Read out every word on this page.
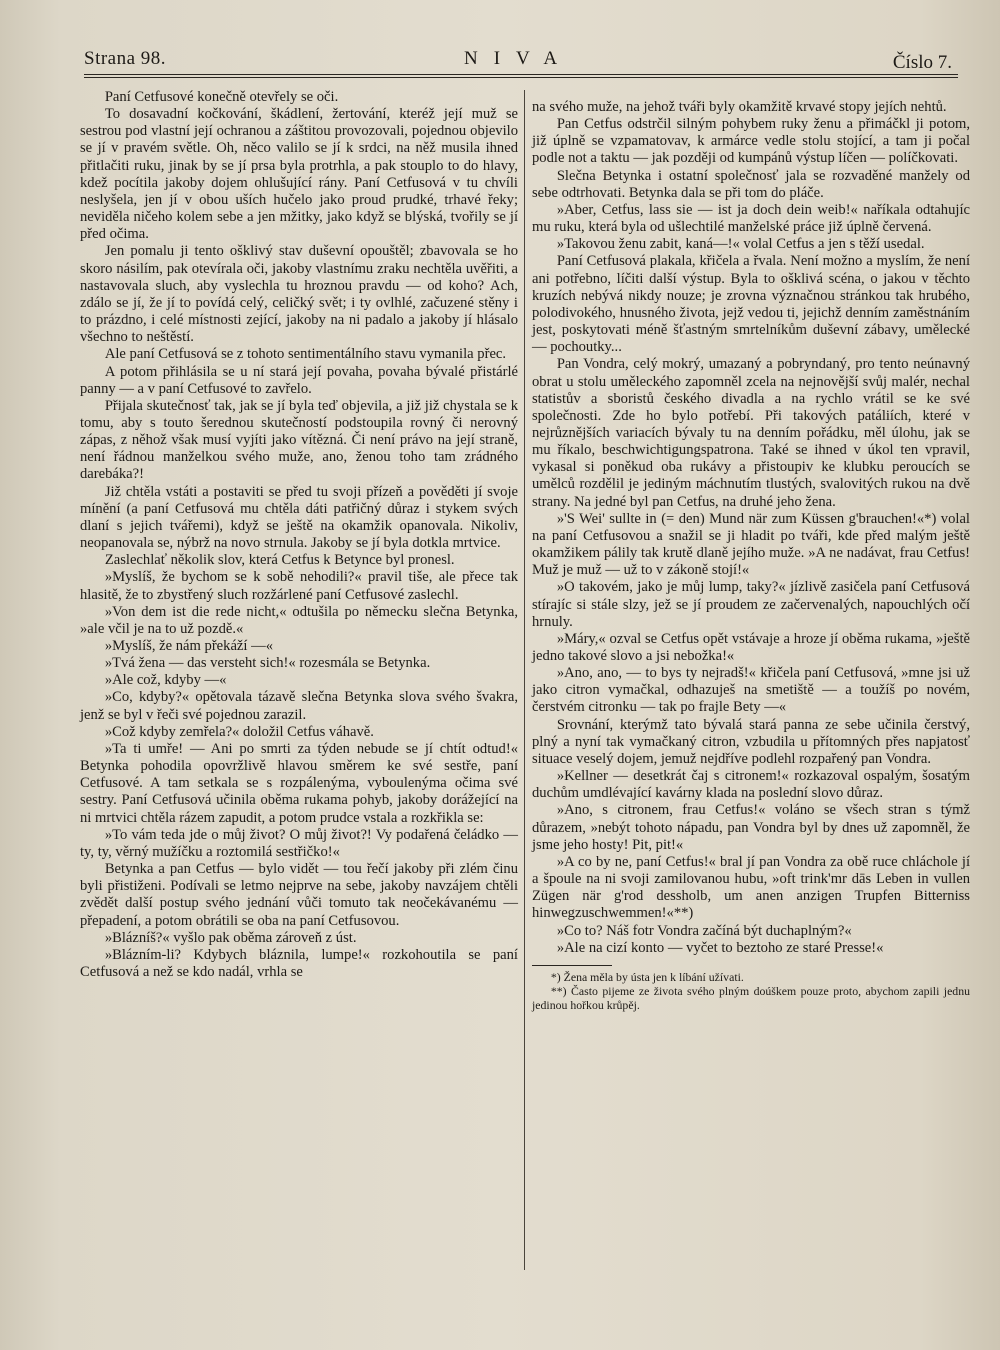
Strana 98.	NIVA	Číslo 7.

Paní Cetfusové konečně otevřely se oči.

To dosavadní kočkování, škádlení, žertování, kteréž její muž se sestrou pod vlastní její ochranou a záštitou provozovali, pojednou objevilo se jí v pravém světle. Oh, něco valilo se jí k srdci, na něž musila ihned přitlačiti ruku, jinak by se jí prsa byla protrhla, a pak stouplo to do hlavy, kdež pocítila jakoby dojem ohlušující rány. Paní Cetfusová v tu chvíli neslyšela, jen jí v obou uších hučelo jako proud prudké, trhavé řeky; neviděla ničeho kolem sebe a jen mžitky, jako když se blýská, tvořily se jí před očima.

Jen pomalu ji tento ošklivý stav duševní opouštěl; zbavovala se ho skoro násilím, pak otevírala oči, jakoby vlastnímu zraku nechtěla uvěřiti, a nastavovala sluch, aby vyslechla tu hroznou pravdu — od koho? Ach, zdálo se jí, že jí to povídá celý, celičký svět; i ty ovlhlé, začuzené stěny i to prázdno, i celé místnosti zející, jakoby na ni padalo a jakoby jí hlásalo všechno to neštěstí.

Ale paní Cetfusová se z tohoto sentimentálního stavu vymanila přec.

A potom přihlásila se u ní stará její povaha, povaha bývalé přistárlé panny — a v paní Cetfusové to zavřelo.

Přijala skutečnosť tak, jak se jí byla teď objevila, a již již chystala se k tomu, aby s touto šerednou skutečností podstoupila rovný či nerovný zápas, z něhož však musí vyjíti jako vítězná. Či není právo na její straně, není řádnou manželkou svého muže, ano, ženou toho tam zrádného darebáka?!

Již chtěla vstáti a postaviti se před tu svoji přízeň a pověděti jí svoje mínění (a paní Cetfusová mu chtěla dáti patřičný důraz i stykem svých dlaní s jejich tvářemi), když se ještě na okamžik opanovala. Nikoliv, neopanovala se, nýbrž na novo strnula. Jakoby se jí byla dotkla mrtvice.

Zaslechlať několik slov, která Cetfus k Betynce byl pronesl.

»Myslíš, že bychom se k sobě nehodili?« pravil tiše, ale přece tak hlasitě, že to zbystřený sluch rozžárlené paní Cetfusové zaslechl.

»Von dem ist die rede nicht,« odtušila po německu slečna Betynka, »ale včil je na to už pozdě.«

»Myslíš, že nám překáží —«

»Tvá žena — das versteht sich!« rozesmála se Betynka.

»Ale což, kdyby —«

»Co, kdyby?« opětovala tázavě slečna Betynka slova svého švakra, jenž se byl v řeči své pojednou zarazil.

»Což kdyby zemřela?« doložil Cetfus váhavě.

»Ta ti umře! — Ani po smrti za týden nebude se jí chtít odtud!« Betynka pohodila opovržlivě hlavou směrem ke své sestře, paní Cetfusové. A tam setkala se s rozpálenýma, vyboulenýma očima své sestry. Paní Cetfusová učinila oběma rukama pohyb, jakoby dorážející na ni mrtvici chtěla rázem zapudit, a potom prudce vstala a rozkřikla se:

»To vám teda jde o můj život? O můj život?! Vy podařená čeládko — ty, ty, věrný mužíčku a roztomilá sestřičko!«

Betynka a pan Cetfus — bylo vidět — tou řečí jakoby při zlém činu byli přistiženi. Podívali se letmo nejprve na sebe, jakoby navzájem chtěli zvědět další postup svého jednání vůči tomuto tak neočekávanému — přepadení, a potom obrátili se oba na paní Cetfusovou.

»Blázníš?« vyšlo pak oběma zároveň z úst.

»Blázním-li? Kdybych bláznila, lumpe!« rozkohoutila se paní Cetfusová a než se kdo nadál, vrhla se

na svého muže, na jehož tváři byly okamžitě krvavé stopy jejích nehtů.

Pan Cetfus odstrčil silným pohybem ruky ženu a přimáčkl ji potom, již úplně se vzpamatovav, k armárce vedle stolu stojící, a tam ji počal podle not a taktu — jak později od kumpánů výstup líčen — políčkovati.

Slečna Betynka i ostatní společnosť jala se rozvaděné manžely od sebe odtrhovati. Betynka dala se při tom do pláče.

»Aber, Cetfus, lass sie — ist ja doch dein weib!« naříkala odtahujíc mu ruku, která byla od ušlechtilé manželské práce již úplně červená.

»Takovou ženu zabit, kaná—!« volal Cetfus a jen s těží usedal.

Paní Cetfusová plakala, křičela a řvala. Není možno a myslím, že není ani potřebno, líčiti další výstup. Byla to ošklivá scéna, o jakou v těchto kruzích nebývá nikdy nouze; je zrovna význačnou stránkou tak hrubého, polodivokého, hnusného života, jejž vedou ti, jejichž denním zaměstnáním jest, poskytovati méně šťastným smrtelníkům duševní zábavy, umělecké — pochoutky...

Pan Vondra, celý mokrý, umazaný a pobryndaný, pro tento neúnavný obrat u stolu uměleckého zapomněl zcela na nejnovější svůj malér, nechal statistův a sboristů českého divadla a na rychlo vrátil se ke své společnosti. Zde ho bylo potřebí. Při takových patáliích, které v nejrůznějších variacích bývaly tu na denním pořádku, měl úlohu, jak se mu říkalo, beschwichtigungspatrona. Také se ihned v úkol ten vpravil, vykasal si poněkud oba rukávy a přistoupiv ke klubku peroucích se umělců rozdělil je jediným máchnutím tlustých, svalovitých rukou na dvě strany. Na jedné byl pan Cetfus, na druhé jeho žena.

»'S Wei' sullte in (= den) Mund när zum Küssen g'brauchen!«*) volal na paní Cetfusovou a snažil se ji hladit po tváři, kde před malým ještě okamžikem pálily tak krutě dlaně jejího muže. »A ne nadávat, frau Cetfus! Muž je muž — už to v zákoně stojí!«

»O takovém, jako je můj lump, taky?« jízlivě zasičela paní Cetfusová stírajíc si stále slzy, jež se jí proudem ze začervenalých, napouchlých očí hrnuly.

»Máry,« ozval se Cetfus opět vstávaje a hroze jí oběma rukama, »ještě jedno takové slovo a jsi nebožka!«

»Ano, ano, — to bys ty nejradš!« křičela paní Cetfusová, »mne jsi už jako citron vymačkal, odhazuješ na smetiště — a toužíš po novém, čerstvém citronku — tak po frajle Bety —«

Srovnání, kterýmž tato bývalá stará panna ze sebe učinila čerstvý, plný a nyní tak vymačkaný citron, vzbudila u přítomných přes napjatosť situace veselý dojem, jemuž nejdříve podlehl rozpařený pan Vondra.

»Kellner — desetkrát čaj s citronem!« rozkazoval ospalým, šosatým duchům umdlévající kavárny klada na poslední slovo důraz.

»Ano, s citronem, frau Cetfus!« voláno se všech stran s týmž důrazem, »nebýt tohoto nápadu, pan Vondra byl by dnes už zapomněl, že jsme jeho hosty! Pit, pit!«

»A co by ne, paní Cetfus!« bral jí pan Vondra za obě ruce chláchole jí a špoule na ni svoji zamilovanou hubu, »oft trink'mr dās Leben in vullen Zügen när g'rod dessholb, um anen anzigen Trupfen Bitterniss hinwegzuschwemmen!«**)

»Co to? Náš fotr Vondra začíná být duchaplným?«

»Ale na cizí konto — vyčet to beztoho ze staré Presse!«

*) Žena měla by ústa jen k líbání užívati.

**) Často pijeme ze života svého plným doúškem pouze proto, abychom zapili jednu jedinou hořkou krůpěj.
